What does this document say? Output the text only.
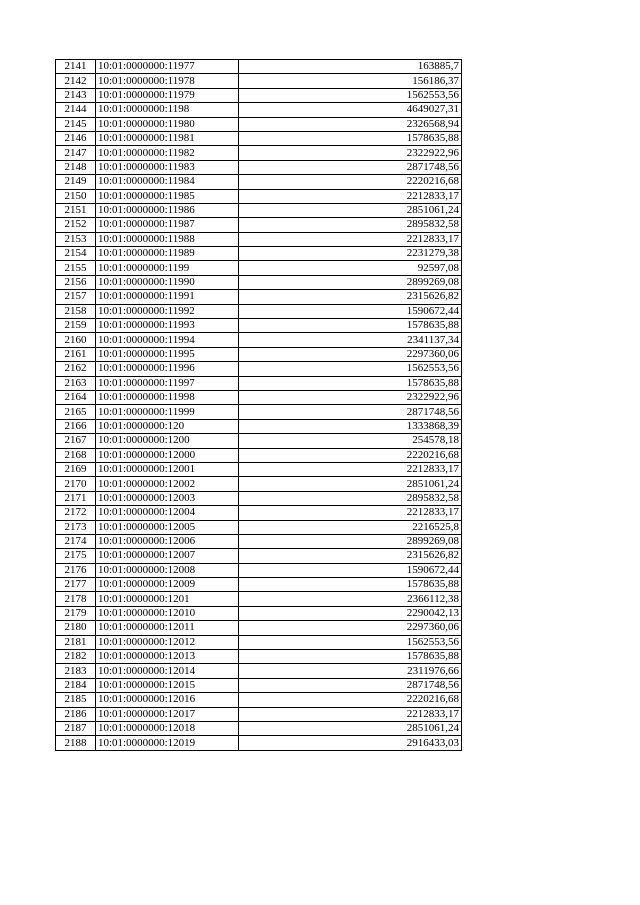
2141	10:01:0000000:11977	163885,7
2142	10:01:0000000:11978	156186,37
2143	10:01:0000000:11979	1562553,56
2144	10:01:0000000:1198	4649027,31
2145	10:01:0000000:11980	2326568,94
2146	10:01:0000000:11981	1578635,88
2147	10:01:0000000:11982	2322922,96
2148	10:01:0000000:11983	2871748,56
2149	10:01:0000000:11984	2220216,68
2150	10:01:0000000:11985	2212833,17
2151	10:01:0000000:11986	2851061,24
2152	10:01:0000000:11987	2895832,58
2153	10:01:0000000:11988	2212833,17
2154	10:01:0000000:11989	2231279,38
2155	10:01:0000000:1199	92597,08
2156	10:01:0000000:11990	2899269,08
2157	10:01:0000000:11991	2315626,82
2158	10:01:0000000:11992	1590672,44
2159	10:01:0000000:11993	1578635,88
2160	10:01:0000000:11994	2341137,34
2161	10:01:0000000:11995	2297360,06
2162	10:01:0000000:11996	1562553,56
2163	10:01:0000000:11997	1578635,88
2164	10:01:0000000:11998	2322922,96
2165	10:01:0000000:11999	2871748,56
2166	10:01:0000000:120	1333868,39
2167	10:01:0000000:1200	254578,18
2168	10:01:0000000:12000	2220216,68
2169	10:01:0000000:12001	2212833,17
2170	10:01:0000000:12002	2851061,24
2171	10:01:0000000:12003	2895832,58
2172	10:01:0000000:12004	2212833,17
2173	10:01:0000000:12005	2216525,8
2174	10:01:0000000:12006	2899269,08
2175	10:01:0000000:12007	2315626,82
2176	10:01:0000000:12008	1590672,44
2177	10:01:0000000:12009	1578635,88
2178	10:01:0000000:1201	2366112,38
2179	10:01:0000000:12010	2290042,13
2180	10:01:0000000:12011	2297360,06
2181	10:01:0000000:12012	1562553,56
2182	10:01:0000000:12013	1578635,88
2183	10:01:0000000:12014	2311976,66
2184	10:01:0000000:12015	2871748,56
2185	10:01:0000000:12016	2220216,68
2186	10:01:0000000:12017	2212833,17
2187	10:01:0000000:12018	2851061,24
2188	10:01:0000000:12019	2916433,03
